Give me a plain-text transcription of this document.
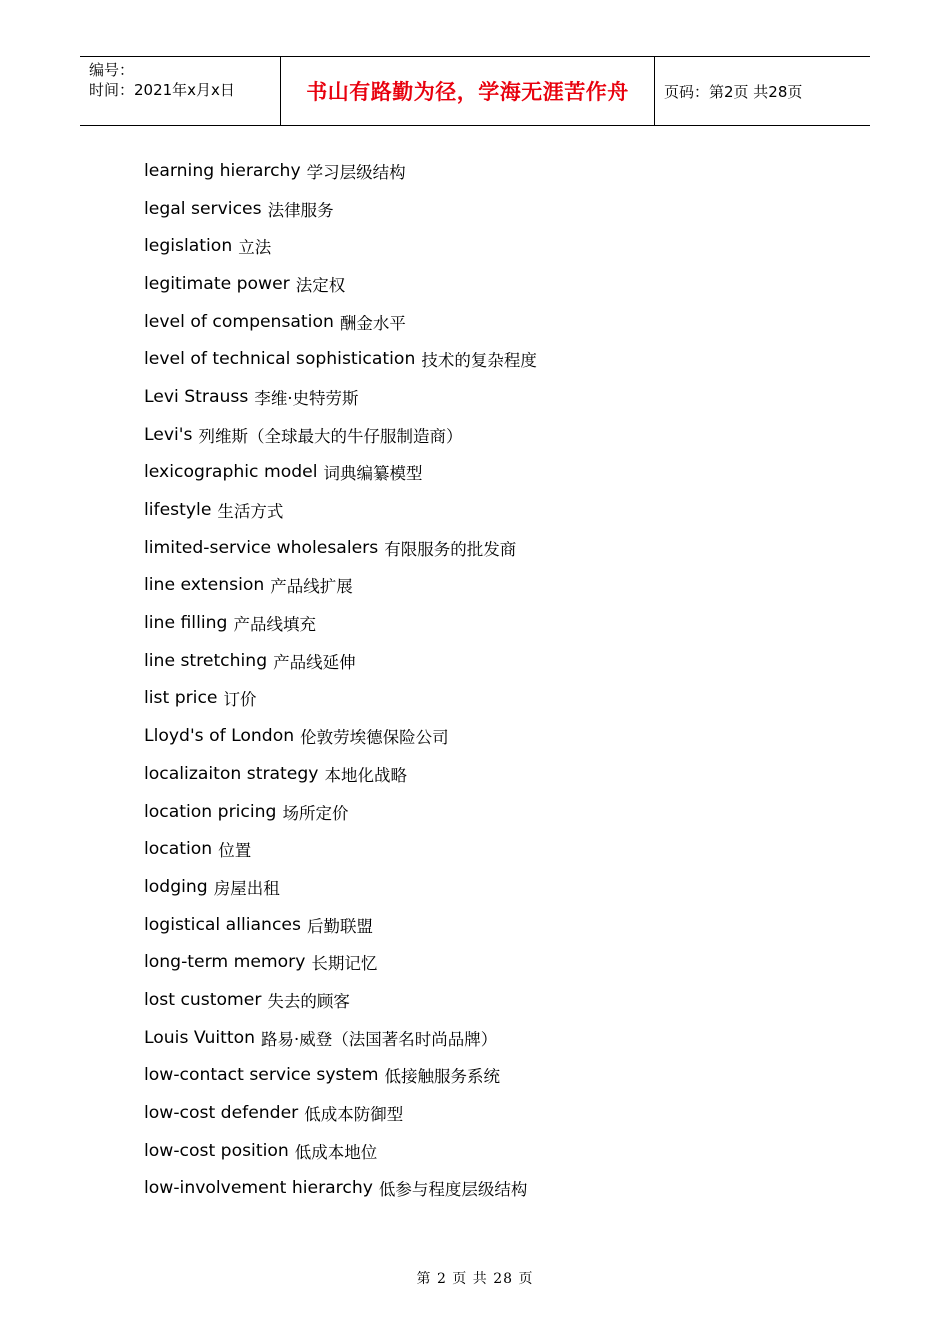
编号：
时间：2021年x月x日	书山有路勤为径，学海无涯苦作舟 页码：第2页 共28页
learning hierarchy 学习层级结构
legal services 法律服务
legislation 立法
legitimate power 法定权
level of compensation 酬金水平
level of technical sophistication 技术的复杂程度
Levi Strauss 李维·史特劳斯
Levi's 列维斯（全球最大的牛仔服制造商）
lexicographic model 词典编纂模型
lifestyle 生活方式
limited-service wholesalers 有限服务的批发商
line extension 产品线扩展
line filling 产品线填充
line stretching 产品线延伸
list price 订价
Lloyd's of London 伦敦劳埃德保险公司
localizaiton strategy 本地化战略
location pricing 场所定价
location 位置
lodging 房屋出租
logistical alliances 后勤联盟
long-term memory 长期记忆
lost customer 失去的顾客
Louis Vuitton 路易·威登（法国著名时尚品牌）
low-contact service system 低接触服务系统
low-cost defender 低成本防御型
low-cost position 低成本地位
low-involvement hierarchy 低参与程度层级结构
第 2 页 共 28 页
